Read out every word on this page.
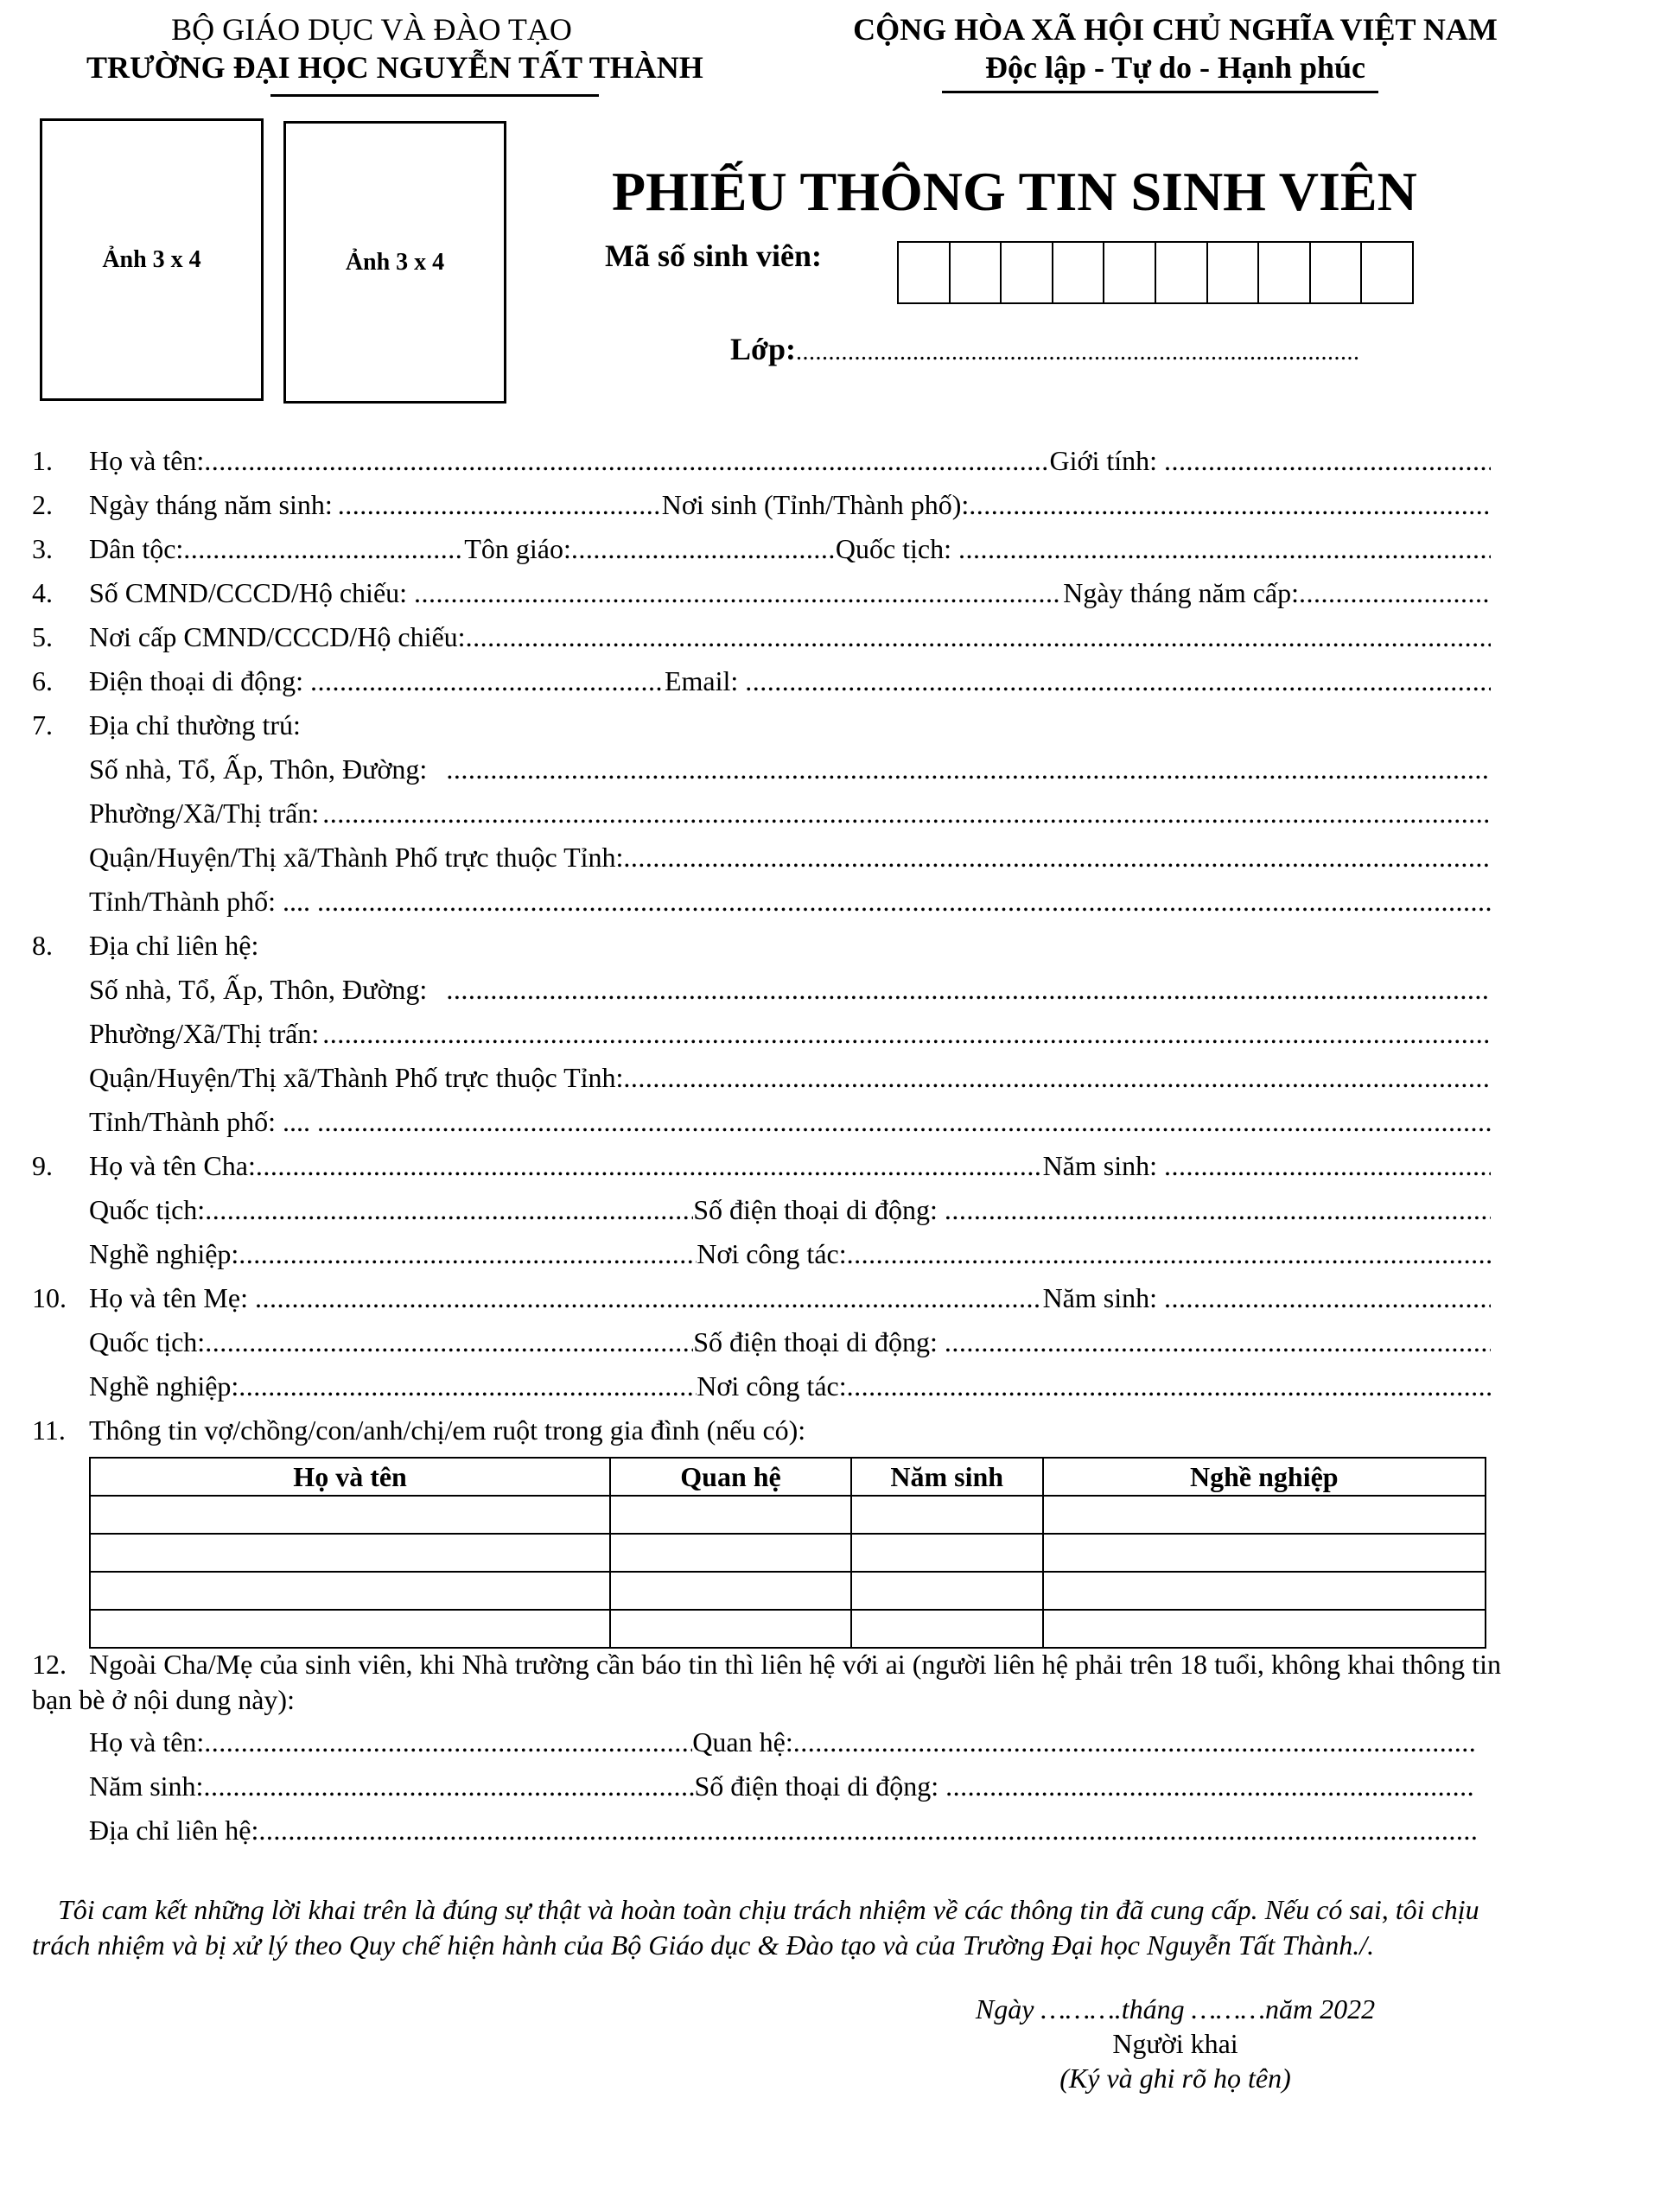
BỘ GIÁO DỤC VÀ ĐÀO TẠO
TRƯỜNG ĐẠI HỌC NGUYỄN TẤT THÀNH
CỘNG HÒA XÃ HỘI CHỦ NGHĨA VIỆT NAM
Độc lập - Tự do - Hạnh phúc
Ảnh 3 x 4	Ảnh 3 x 4
PHIẾU THÔNG TIN SINH VIÊN
Mã số sinh viên:
Lớp:
.....
1.	Họ và tên: .....	Giới tính:
.....
2.	Ngày tháng năm sinh: .....	Nơi sinh (Tỉnh/Thành phố):
.....
3.	Dân tộc: .....	Tôn giáo: .....	Quốc tịch:
.....
4.	Số CMND/CCCD/Hộ chiếu: .....	Ngày tháng năm cấp:
.....
5.	Nơi cấp CMND/CCCD/Hộ chiếu:
.....
6.	Điện thoại di động: .....	Email:
.....
7.	Địa chỉ thường trú:
Số nhà, Tổ, Ấp, Thôn, Đường:
.....
Phường/Xã/Thị trấn:
.....
Quận/Huyện/Thị xã/Thành Phố trực thuộc Tỉnh:
.....
Tỉnh/Thành phố: ....
.....
8.	Địa chỉ liên hệ:
Số nhà, Tổ, Ấp, Thôn, Đường:
.....
Phường/Xã/Thị trấn:
.....
Quận/Huyện/Thị xã/Thành Phố trực thuộc Tỉnh:
.....
Tỉnh/Thành phố: ....
.....
9.	Họ và tên Cha: .....	Năm sinh:
.....
Quốc tịch: .....	Số điện thoại di động:
.....
Nghề nghiệp: .....	Nơi công tác:
.....
10. Họ và tên Mẹ: .....	Năm sinh:
.....
Quốc tịch: .....	Số điện thoại di động:
.....
Nghề nghiệp: .....	Nơi công tác:
.....
11. Thông tin vợ/chồng/con/anh/chị/em ruột trong gia đình (nếu có):
Họ và tên	Quan hệ	Năm sinh	Nghề nghiệp

12. Ngoài Cha/Mẹ của sinh viên, khi Nhà trường cần báo tin thì liên hệ với ai (người liên hệ phải trên 18 tuổi, không khai thông tin bạn bè ở nội dung này):
Họ và tên: .....	Quan hệ:
.....
Năm sinh: .....	Số điện thoại di động:
.....
Địa chỉ liên hệ:
.....
Tôi cam kết những lời khai trên là đúng sự thật và hoàn toàn chịu trách nhiệm về các thông tin đã cung cấp. Nếu có sai, tôi chịu trách nhiệm và bị xử lý theo Quy chế hiện hành của Bộ Giáo dục & Đào tạo và của Trường Đại học Nguyễn Tất Thành./.
Ngày ……….tháng ………năm 2022
Người khai
(Ký và ghi rõ họ tên)
